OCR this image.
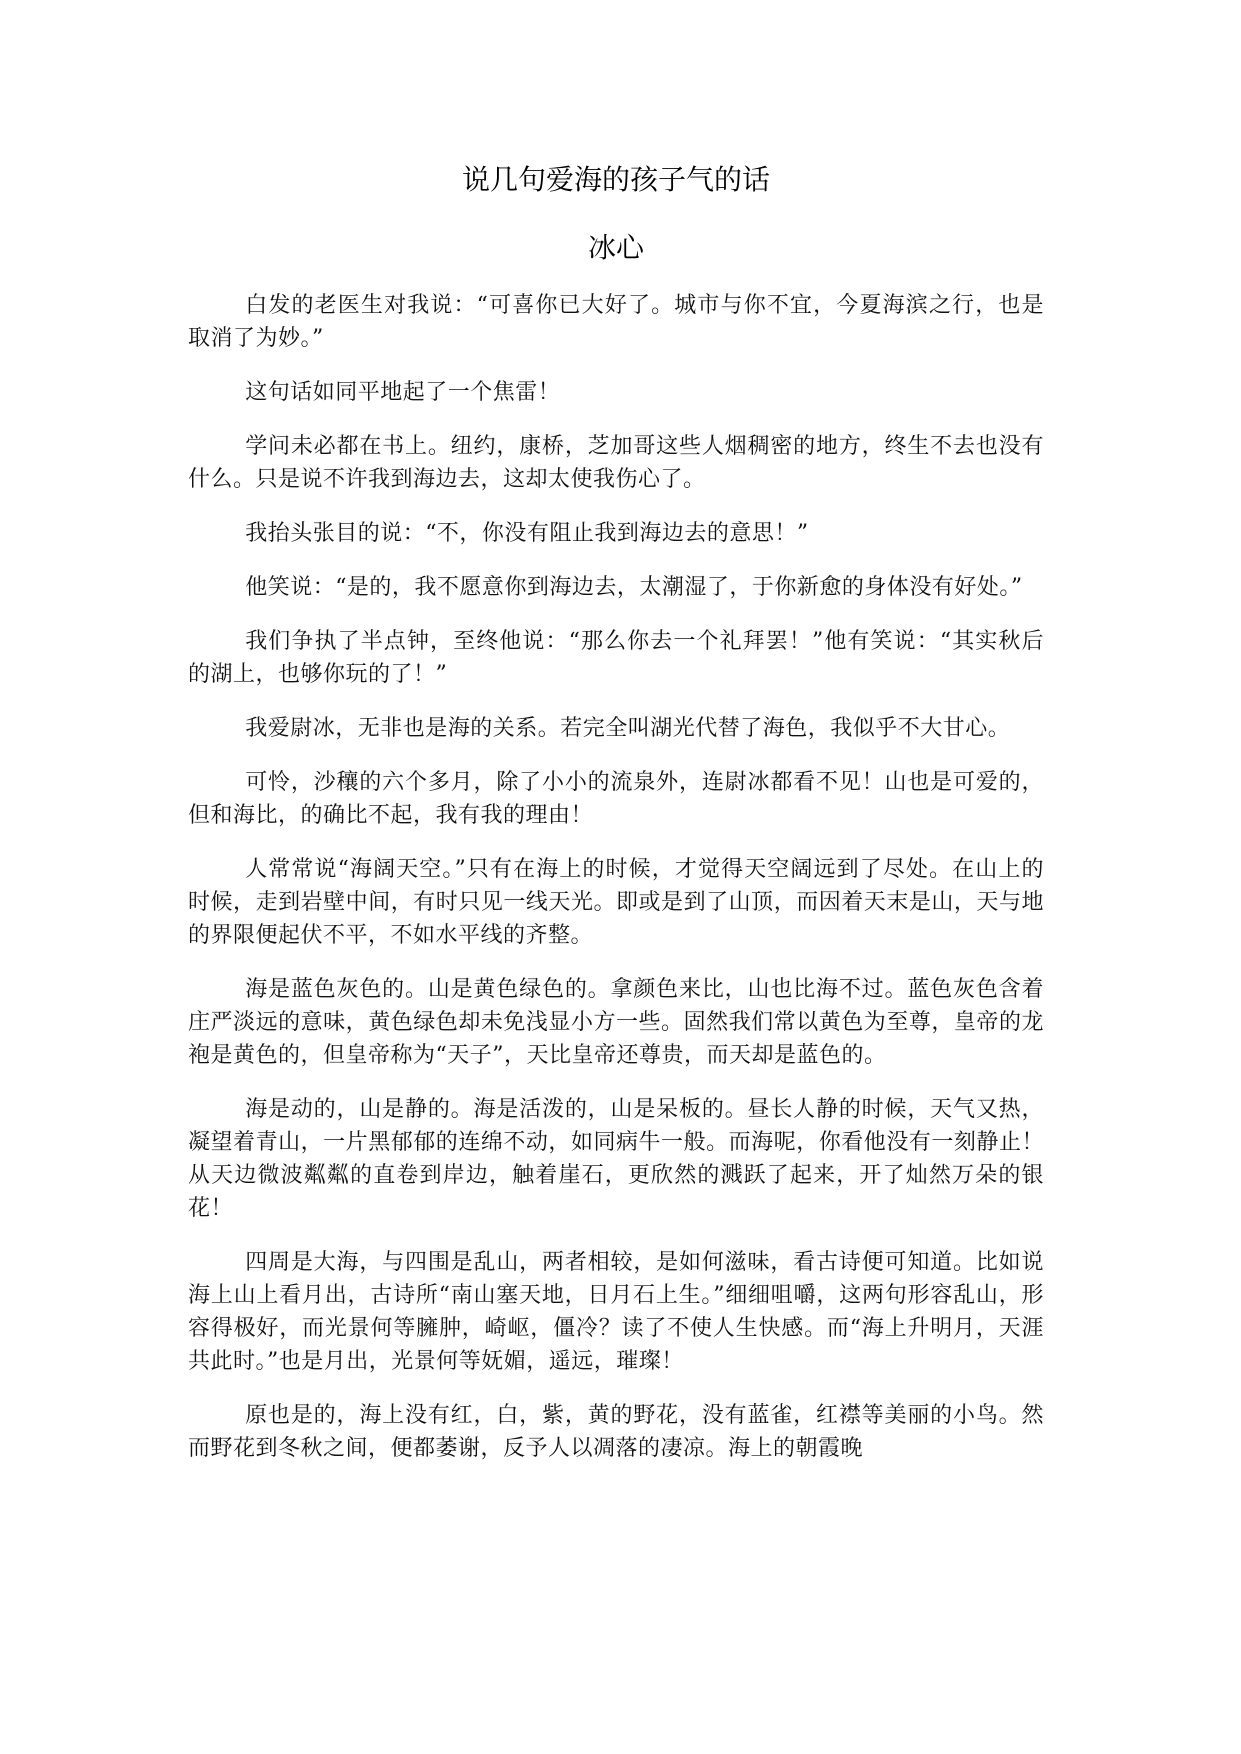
说几句爱海的孩子气的话
冰心

白发的老医生对我说：“可喜你已大好了。城市与你不宜，今夏海滨之行，也是取消了为妙。”

这句话如同平地起了一个焦雷！

学问未必都在书上。纽约，康桥，芝加哥这些人烟稠密的地方，终生不去也没有什么。只是说不许我到海边去，这却太使我伤心了。

我抬头张目的说：“不，你没有阻止我到海边去的意思！”

他笑说：“是的，我不愿意你到海边去，太潮湿了，于你新愈的身体没有好处。”

我们争执了半点钟，至终他说：“那么你去一个礼拜罢！”他有笑说：“其实秋后的湖上，也够你玩的了！”

我爱尉冰，无非也是海的关系。若完全叫湖光代替了海色，我似乎不大甘心。

可怜，沙穰的六个多月，除了小小的流泉外，连尉冰都看不见！山也是可爱的，但和海比，的确比不起，我有我的理由！

人常常说“海阔天空。”只有在海上的时候，才觉得天空阔远到了尽处。在山上的时候，走到岩壁中间，有时只见一线天光。即或是到了山顶，而因着天末是山，天与地的界限便起伏不平，不如水平线的齐整。

海是蓝色灰色的。山是黄色绿色的。拿颜色来比，山也比海不过。蓝色灰色含着庄严淡远的意味，黄色绿色却未免浅显小方一些。固然我们常以黄色为至尊，皇帝的龙袍是黄色的，但皇帝称为“天子”，天比皇帝还尊贵，而天却是蓝色的。

海是动的，山是静的。海是活泼的，山是呆板的。昼长人静的时候，天气又热，凝望着青山，一片黑郁郁的连绵不动，如同病牛一般。而海呢，你看他没有一刻静止！从天边微波粼粼的直卷到岸边，触着崖石，更欣然的溅跃了起来，开了灿然万朵的银花！

四周是大海，与四围是乱山，两者相较，是如何滋味，看古诗便可知道。比如说海上山上看月出，古诗所“南山塞天地，日月石上生。”细细咀嚼，这两句形容乱山，形容得极好，而光景何等臃肿，崎岖，僵冷？读了不使人生快感。而“海上升明月，天涯共此时。”也是月出，光景何等妩媚，遥远，璀璨！

原也是的，海上没有红，白，紫，黄的野花，没有蓝雀，红襟等美丽的小鸟。然而野花到冬秋之间，便都萎谢，反予人以凋落的凄凉。海上的朝霞晚
